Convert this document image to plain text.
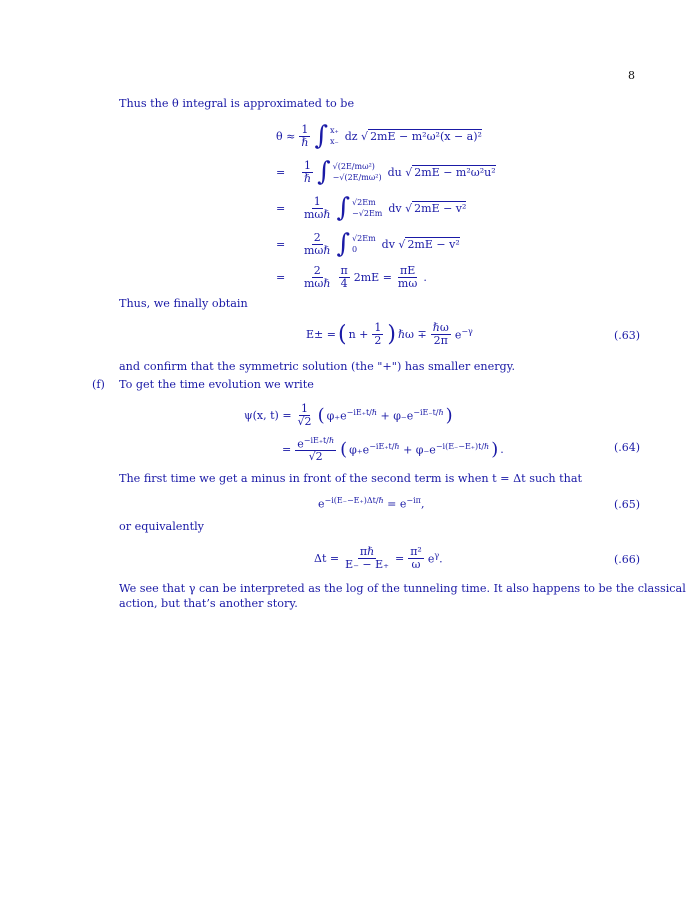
8
Thus the θ integral is approximated to be
$\theta \approx \frac{1}{\text{ℏ}}$ ∫ x₊
x₋ dz √ 2mE − m²ω²(x − a)²
=	$\frac{1}{\text{ℏ}}$ ∫ √(2E/mω²)
−√(2E/mω²) du √ 2mE − m²ω²u²
=	$\frac{1}{\text{mωℏ}}$ ∫ √2Em
−√2Em dv √ 2mE − v²
=	$\frac{2}{\text{mωℏ}}$ ∫ √2Em
0	dv √ 2mE − v²
=	$\frac{2}{\text{mωℏ}} \frac{\pi}{4} 2mE = \frac{\pi E}{m\omega}$ .
Thus, we finally obtain
E± = ( $n + \frac{1}{2}$ ) ℏω ∓ $\frac{\text{ℏω}}{2\pi} e^{-\gamma}$	(.63)
and confirm that the symmetric solution (the "+") has smaller energy.
(f) To get the time evolution we write
ψ(x, $t) = \frac{1}{√2}$ ( $\varphi_+e^{-iE_+t/\hbar} + \varphi_-e^{-iE_-t/\hbar}$ )
= $\frac{e^{-iE_+t/\hbar}}{√2}$ ( $\varphi_+e^{-iE_+t/\hbar} + \varphi_-e^{-i(E_--E_+)t/\hbar}$ ) .	(.64)
The first time we get a minus in front of the second term is when t = Δt such that
$e^{-i(E_--E_+)\Delta t/\hbar} = e^{-i\pi}$,	(.65)
or equivalently
$\Delta t = \frac{\text{πℏ}}{E_- - E_+} = \frac{\text{π²}}{\omega} e^\gamma$.	(.66)
We see that γ can be interpreted as the log of the tunneling time. It also happens to be the classical
action, but that’s another story.
